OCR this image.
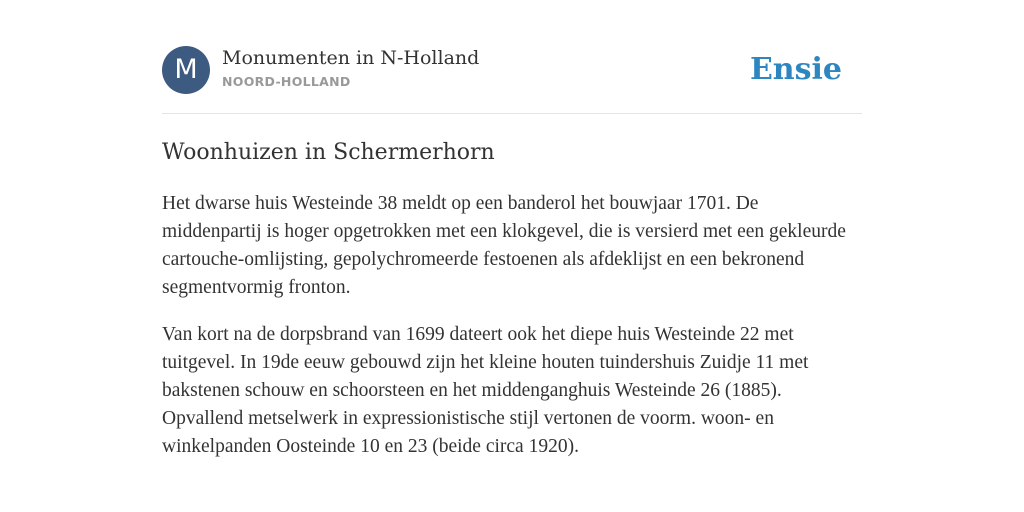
M	Monumenten in N-Holland
NOORD-HOLLAND	Ensie
Woonhuizen in Schermerhorn

Het dwarse huis Westeinde 38 meldt op een banderol het bouwjaar 1701. De middenpartij is hoger opgetrokken met een klokgevel, die is versierd met een gekleurde cartouche-omlijsting, gepolychromeerde festoenen als afdeklijst en een bekronend segmentvormig fronton.

Van kort na de dorpsbrand van 1699 dateert ook het diepe huis Westeinde 22 met tuitgevel. In 19de eeuw gebouwd zijn het kleine houten tuindershuis Zuidje 11 met bakstenen schouw en schoorsteen en het middenganghuis Westeinde 26 (1885). Opvallend metselwerk in expressionistische stijl vertonen de voorm. woon- en winkelpanden Oosteinde 10 en 23 (beide circa 1920).
